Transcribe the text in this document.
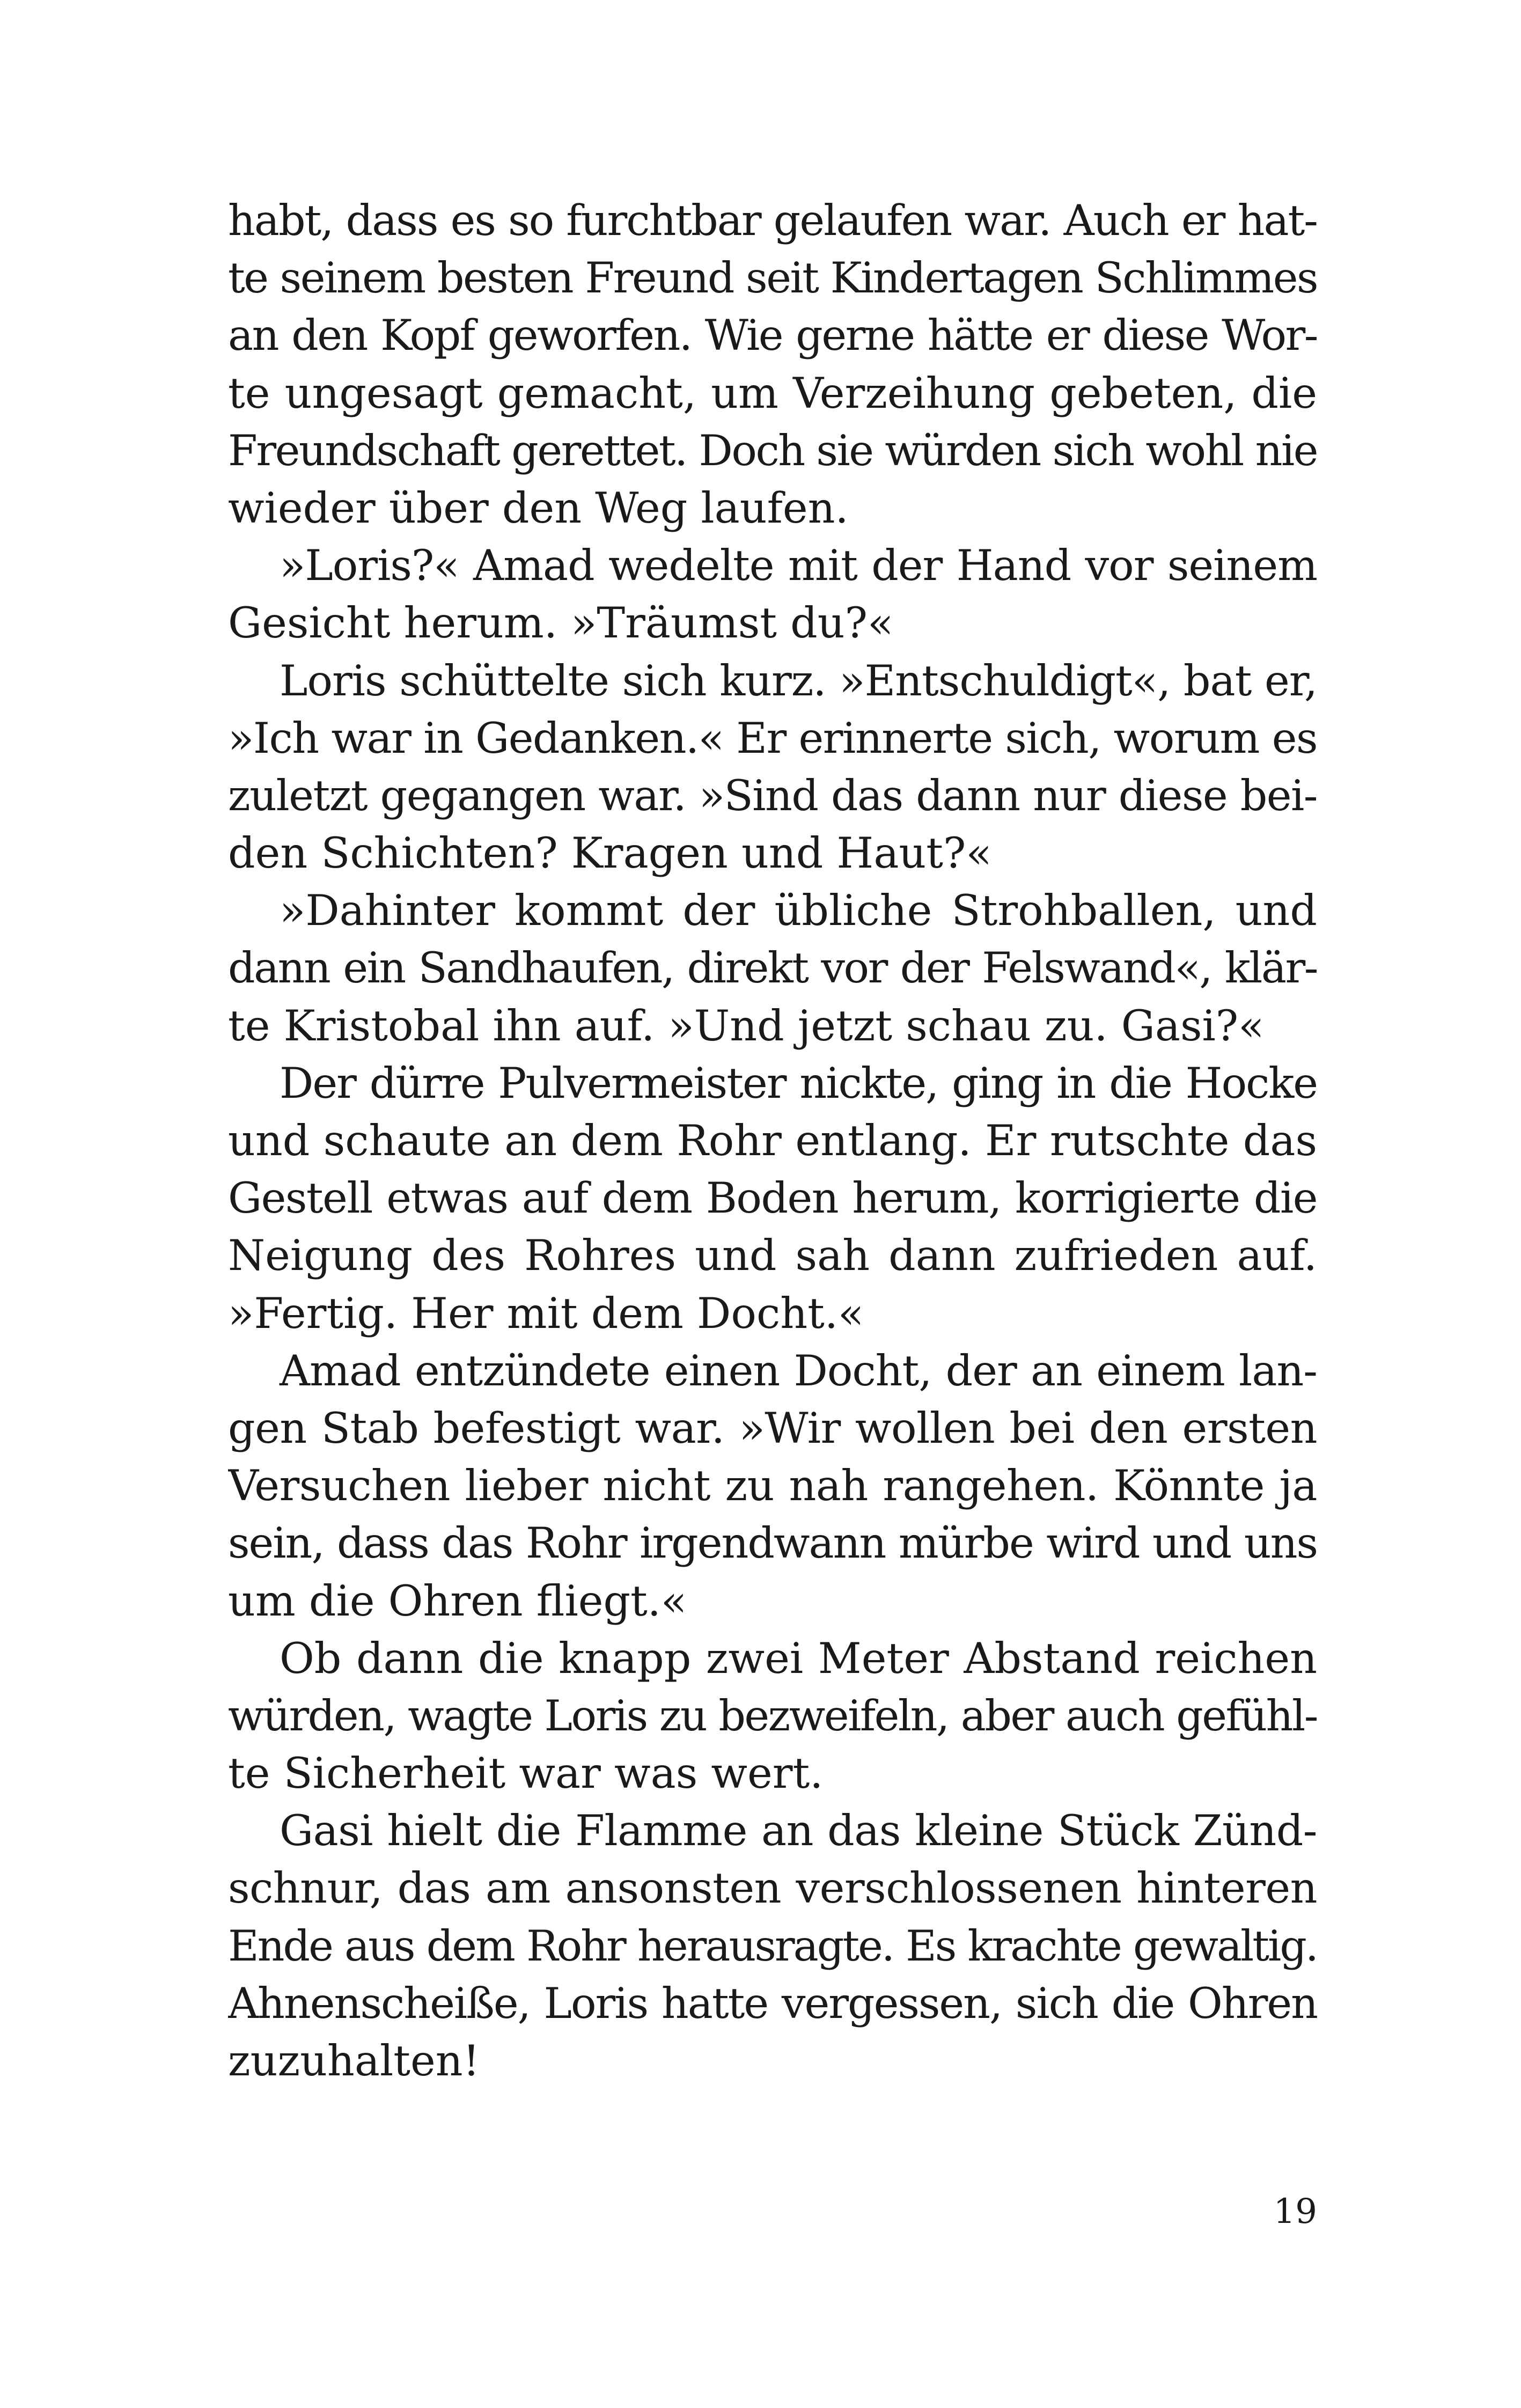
habt, dass es so furchtbar gelaufen war. Auch er hat-
te seinem besten Freund seit Kindertagen Schlimmes
an den Kopf geworfen. Wie gerne hätte er diese Wor-
te ungesagt gemacht, um Verzeihung gebeten, die
Freundschaft gerettet. Doch sie würden sich wohl nie
wieder über den Weg laufen.
»Loris?« Amad wedelte mit der Hand vor seinem
Gesicht herum. »Träumst du?«
Loris schüttelte sich kurz. »Entschuldigt«, bat er,
»Ich war in Gedanken.« Er erinnerte sich, worum es
zuletzt gegangen war. »Sind das dann nur diese bei-
den Schichten? Kragen und Haut?«
»Dahinter kommt der übliche Strohballen, und
dann ein Sandhaufen, direkt vor der Felswand«, klär-
te Kristobal ihn auf. »Und jetzt schau zu. Gasi?«
Der dürre Pulvermeister nickte, ging in die Hocke
und schaute an dem Rohr entlang. Er rutschte das
Gestell etwas auf dem Boden herum, korrigierte die
Neigung des Rohres und sah dann zufrieden auf.
»Fertig. Her mit dem Docht.«
Amad entzündete einen Docht, der an einem lan-
gen Stab befestigt war. »Wir wollen bei den ersten
Versuchen lieber nicht zu nah rangehen. Könnte ja
sein, dass das Rohr irgendwann mürbe wird und uns
um die Ohren fliegt.«
Ob dann die knapp zwei Meter Abstand reichen
würden, wagte Loris zu bezweifeln, aber auch gefühl-
te Sicherheit war was wert.
Gasi hielt die Flamme an das kleine Stück Zünd-
schnur, das am ansonsten verschlossenen hinteren
Ende aus dem Rohr herausragte. Es krachte gewaltig.
Ahnenscheiße, Loris hatte vergessen, sich die Ohren
zuzuhalten!
19
